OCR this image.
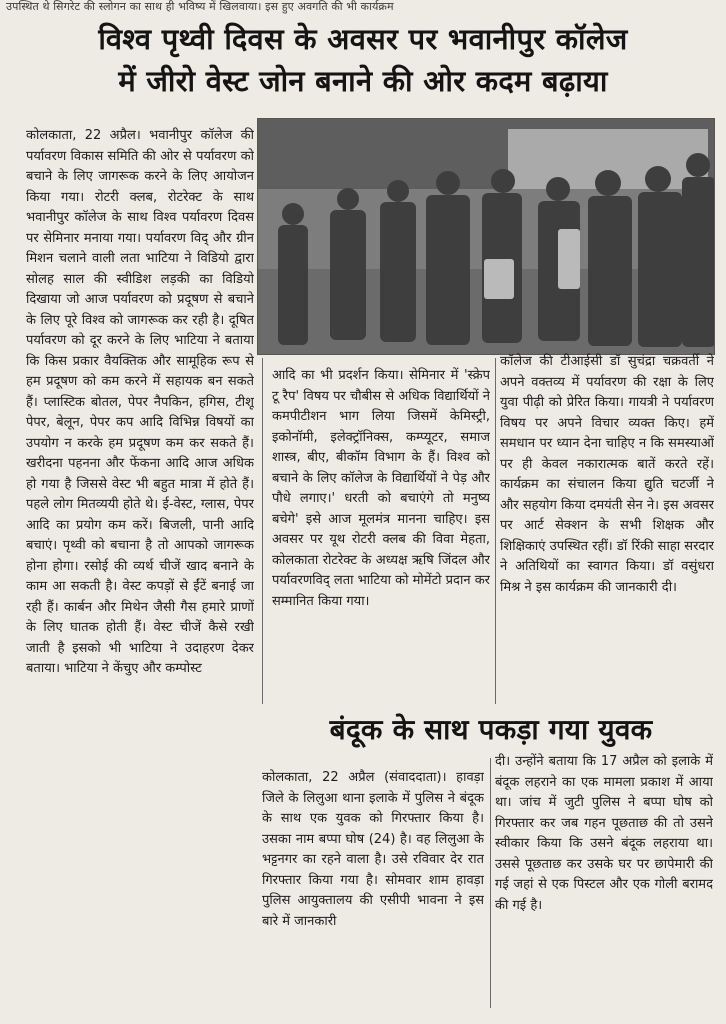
उपस्थित थे सिगरेट की स्लोगन का साथ ही भविष्य में खिलवाया। इस हुए अवगति की भी कार्यक्रम
विश्व पृथ्वी दिवस के अवसर पर भवानीपुर कॉलेज
में जीरो वेस्ट जोन बनाने की ओर कदम बढ़ाया
कोलकाता, 22 अप्रैल। भवानीपुर कॉलेज की पर्यावरण विकास समिति की ओर से पर्यावरण को बचाने के लिए जागरूक करने के लिए आयोजन किया गया। रोटरी क्लब, रोटरेक्ट के साथ भवानीपुर कॉलेज के साथ विश्व पर्यावरण दिवस पर सेमिनार मनाया गया। पर्यावरण विद् और ग्रीन मिशन चलाने वाली लता भाटिया ने विडियो द्वारा सोलह साल की स्वीडिश लड़की का विडियो दिखाया जो आज पर्यावरण को प्रदूषण से बचाने के लिए पूरे विश्व को जागरूक कर रही है। दूषित पर्यावरण को दूर करने के लिए भाटिया ने बताया कि किस प्रकार वैयक्तिक और सामूहिक रूप से हम प्रदूषण को कम करने में सहायक बन सकते हैं। प्लास्टिक बोतल, पेपर नैपकिन, हगिस, टीशू पेपर, बेलून, पेपर कप आदि विभिन्न विषयों का उपयोग न करके हम प्रदूषण कम कर सकते हैं। खरीदना पहनना और फेंकना आदि आज अधिक हो गया है जिससे वेस्ट भी बहुत मात्रा में होते हैं। पहले लोग मितव्ययी होते थे। ई-वेस्ट, ग्लास, पेपर आदि का प्रयोग कम करें। बिजली, पानी आदि बचाएं। पृथ्वी को बचाना है तो आपको जागरूक होना होगा। रसोई की व्यर्थ चीजें खाद बनाने के काम आ सकती है। वेस्ट कपड़ों से ईंटें बनाई जा रही हैं। कार्बन और मिथेन जैसी गैस हमारे प्राणों के लिए घातक होती हैं। वेस्ट चीजें कैसे रखी जाती है इसको भी भाटिया ने उदाहरण देकर बताया। भाटिया ने केंचुए और कम्पोस्ट
आदि का भी प्रदर्शन किया। सेमिनार में 'स्क्रेप टू रैप' विषय पर चौबीस से अधिक विद्यार्थियों ने कमपीटीशन भाग लिया जिसमें केमिस्ट्री, इकोनॉमी, इलेक्ट्रॉनिक्स, कम्प्यूटर, समाज शास्त्र, बीए, बीकॉम विभाग के हैं। विश्व को बचाने के लिए कॉलेज के विद्यार्थियों ने पेड़ और पौधे लगाए।' धरती को बचाएंगे तो मनुष्य बचेगे' इसे आज मूलमंत्र मानना चाहिए। इस अवसर पर यूथ रोटरी क्लब की विवा मेहता, कोलकाता रोटरेक्ट के अध्यक्ष ऋषि जिंदल और पर्यावरणविद् लता भाटिया को मोमेंटो प्रदान कर सम्मानित किया गया।
कॉलेज की टीआईसी डॉ सुचंद्रा चक्रवर्ती ने अपने वक्तव्य में पर्यावरण की रक्षा के लिए युवा पीढ़ी को प्रेरित किया। गायत्री ने पर्यावरण विषय पर अपने विचार व्यक्त किए। हमें समधान पर ध्यान देना चाहिए न कि समस्याओं पर ही केवल नकारात्मक बातें करते रहें। कार्यक्रम का संचालन किया द्युति चटर्जी ने और सहयोग किया दमयंती सेन ने। इस अवसर पर आर्ट सेक्शन के सभी शिक्षक और शिक्षिकाएं उपस्थित रहीं। डॉ रिंकी साहा सरदार ने अतिथियों का स्वागत किया। डॉ वसुंधरा मिश्र ने इस कार्यक्रम की जानकारी दी।
बंदूक के साथ पकड़ा गया युवक
कोलकाता, 22 अप्रैल (संवाददाता)। हावड़ा जिले के लिलुआ थाना इलाके में पुलिस ने बंदूक के साथ एक युवक को गिरफ्तार किया है। उसका नाम बप्पा घोष (24) है। वह लिलुआ के भट्टनगर का रहने वाला है। उसे रविवार देर रात गिरफ्तार किया गया है। सोमवार शाम हावड़ा पुलिस आयुक्तालय की एसीपी भावना ने इस बारे में जानकारी
दी। उन्होंने बताया कि 17 अप्रैल को इलाके में बंदूक लहराने का एक मामला प्रकाश में आया था। जांच में जुटी पुलिस ने बप्पा घोष को गिरफ्तार कर जब गहन पूछताछ की तो उसने स्वीकार किया कि उसने बंदूक लहराया था। उससे पूछताछ कर उसके घर पर छापेमारी की गई जहां से एक पिस्टल और एक गोली बरामद की गई है।
